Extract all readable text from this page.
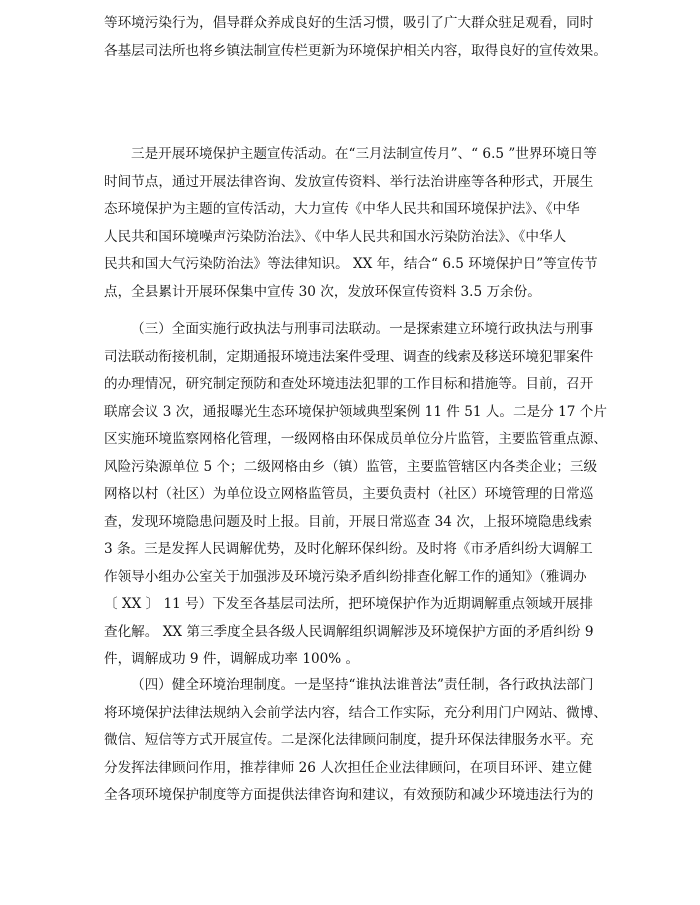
等环境污染行为，倡导群众养成良好的生活习惯，吸引了广大群众驻足观看，同时
各基层司法所也将乡镇法制宣传栏更新为环境保护相关内容，取得良好的宣传效果。
三是开展环境保护主题宣传活动。在“三月法制宣传月”、“ 6.5 ”世界环境日等
时间节点，通过开展法律咨询、发放宣传资料、举行法治讲座等各种形式，开展生
态环境保护为主题的宣传活动，大力宣传《中华人民共和国环境保护法》、《中华
人民共和国环境噪声污染防治法》、《中华人民共和国水污染防治法》、《中华人
民共和国大气污染防治法》等法律知识。 XX 年，结合“ 6.5 环境保护日”等宣传节
点，全县累计开展环保集中宣传 30 次，发放环保宣传资料 3.5 万余份。
（三）全面实施行政执法与刑事司法联动。一是探索建立环境行政执法与刑事
司法联动衔接机制，定期通报环境违法案件受理、调查的线索及移送环境犯罪案件
的办理情况，研究制定预防和查处环境违法犯罪的工作目标和措施等。目前，召开
联席会议 3 次，通报曝光生态环境保护领域典型案例 11 件 51 人。二是分 17 个片
区实施环境监察网格化管理，一级网格由环保成员单位分片监管，主要监管重点源、
风险污染源单位 5 个；二级网格由乡（镇）监管，主要监管辖区内各类企业；三级
网格以村（社区）为单位设立网格监管员，主要负责村（社区）环境管理的日常巡
查，发现环境隐患问题及时上报。目前，开展日常巡查 34 次，上报环境隐患线索
3 条。三是发挥人民调解优势，及时化解环保纠纷。及时将《市矛盾纠纷大调解工
作领导小组办公室关于加强涉及环境污染矛盾纠纷排查化解工作的通知》（雅调办
〔 XX 〕 11 号）下发至各基层司法所，把环境保护作为近期调解重点领域开展排
查化解。 XX 第三季度全县各级人民调解组织调解涉及环境保护方面的矛盾纠纷 9
件，调解成功 9 件，调解成功率 100% 。
（四）健全环境治理制度。一是坚持“谁执法谁普法”责任制，各行政执法部门
将环境保护法律法规纳入会前学法内容，结合工作实际，充分利用门户网站、微博、
微信、短信等方式开展宣传。二是深化法律顾问制度，提升环保法律服务水平。充
分发挥法律顾问作用，推荐律师 26 人次担任企业法律顾问，在项目环评、建立健
全各项环境保护制度等方面提供法律咨询和建议，有效预防和减少环境违法行为的
